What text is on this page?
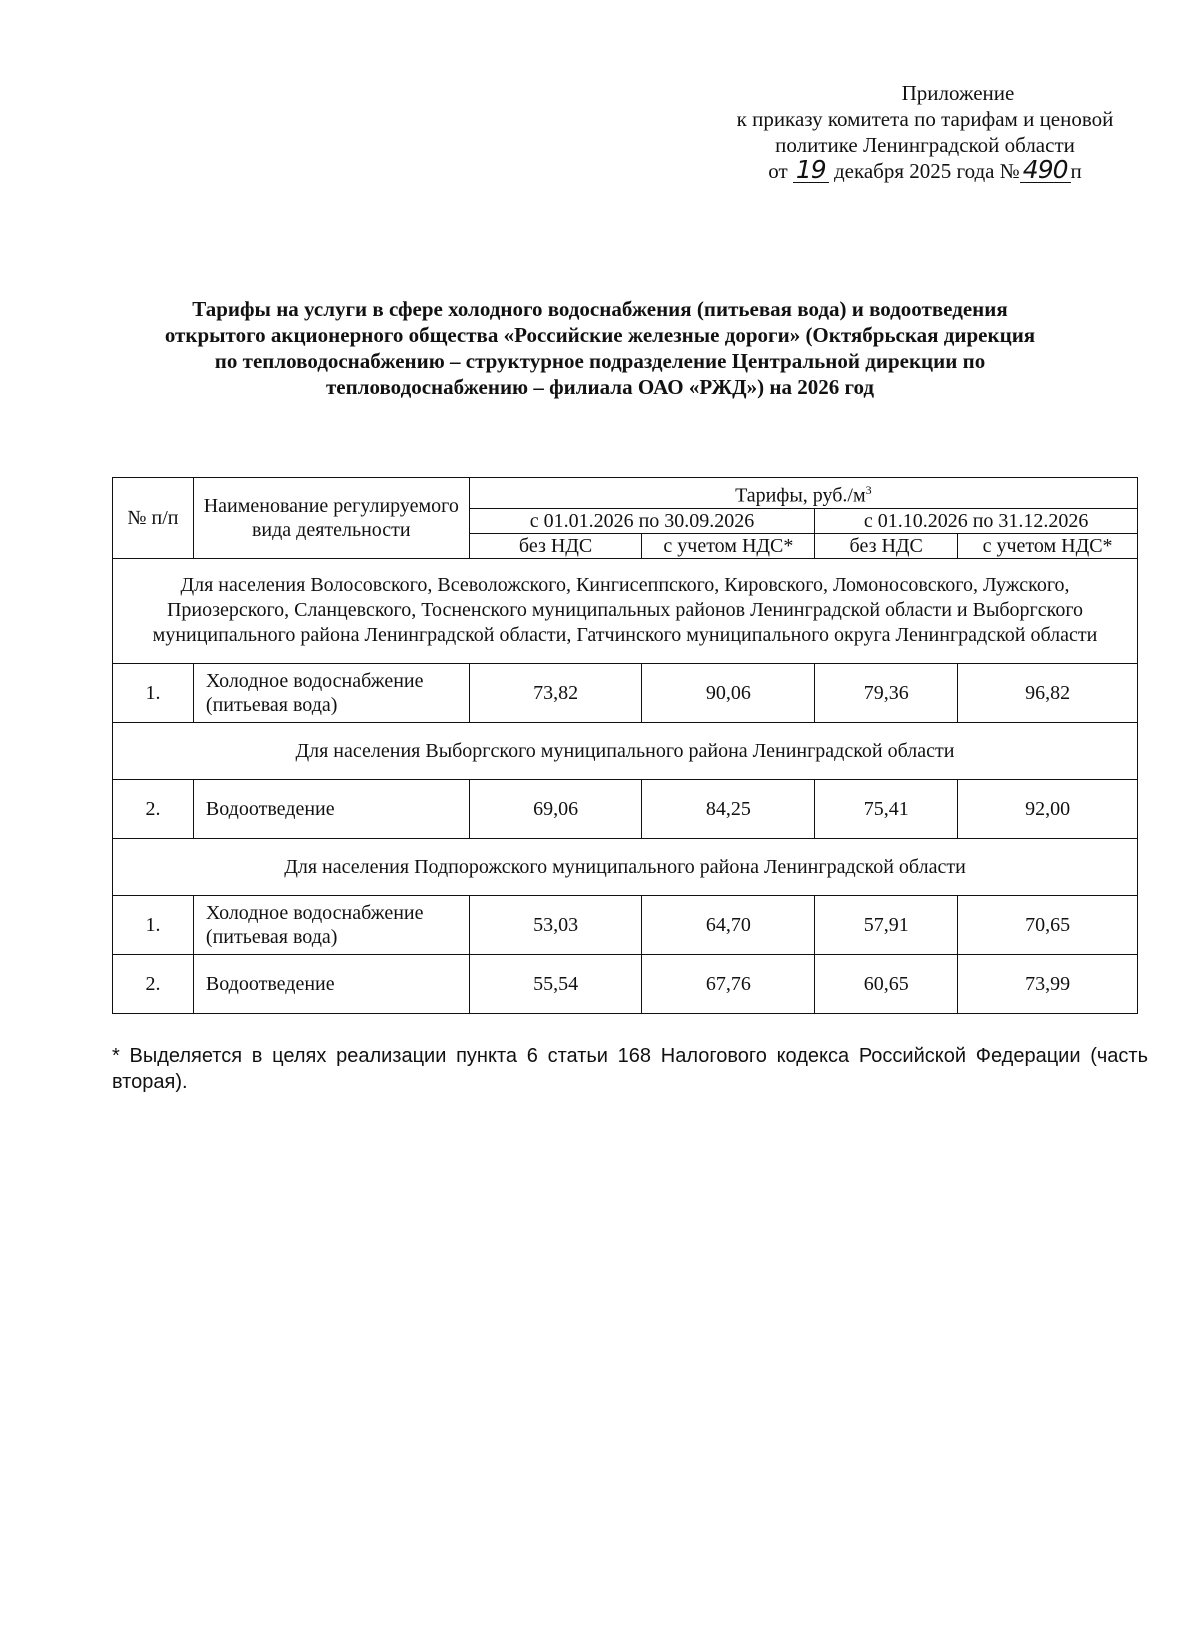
Приложение
к приказу комитета по тарифам и ценовой
политике Ленинградской области
от 19 декабря 2025 года № 490 п
Тарифы на услуги в сфере холодного водоснабжения (питьевая вода) и водоотведения
открытого акционерного общества «Российские железные дороги» (Октябрьская дирекция
по тепловодоснабжению – структурное подразделение Центральной дирекции по
тепловодоснабжению – филиала ОАО «РЖД») на 2026 год
№ п/п	Наименование регулируемого вида деятельности	Тарифы, $руб./м^3$
		с 01.01.2026 по 30.09.2026		с 01.10.2026 по 31.12.2026	
		без НДС	с учетом НДС*	без НДС	с учетом НДС*
Для населения Волосовского, Всеволожского, Кингисеппского, Кировского, Ломоносовского, Лужского, Приозерского, Сланцевского, Тосненского муниципальных районов Ленинградской области и Выборгского муниципального района Ленинградской области, Гатчинского муниципального округа Ленинградской области					
1.	Холодное водоснабжение (питьевая вода)	73,82	90,06	79,36	96,82
Для населения Выборгского муниципального района Ленинградской области					
2.	Водоотведение	69,06	84,25	75,41	92,00
Для населения Подпорожского муниципального района Ленинградской области					
1.	Холодное водоснабжение (питьевая вода)	53,03	64,70	57,91	70,65
2.	Водоотведение	55,54	67,76	60,65	73,99
* Выделяется в целях реализации пункта 6 статьи 168 Налогового кодекса Российской Федерации (часть вторая).
